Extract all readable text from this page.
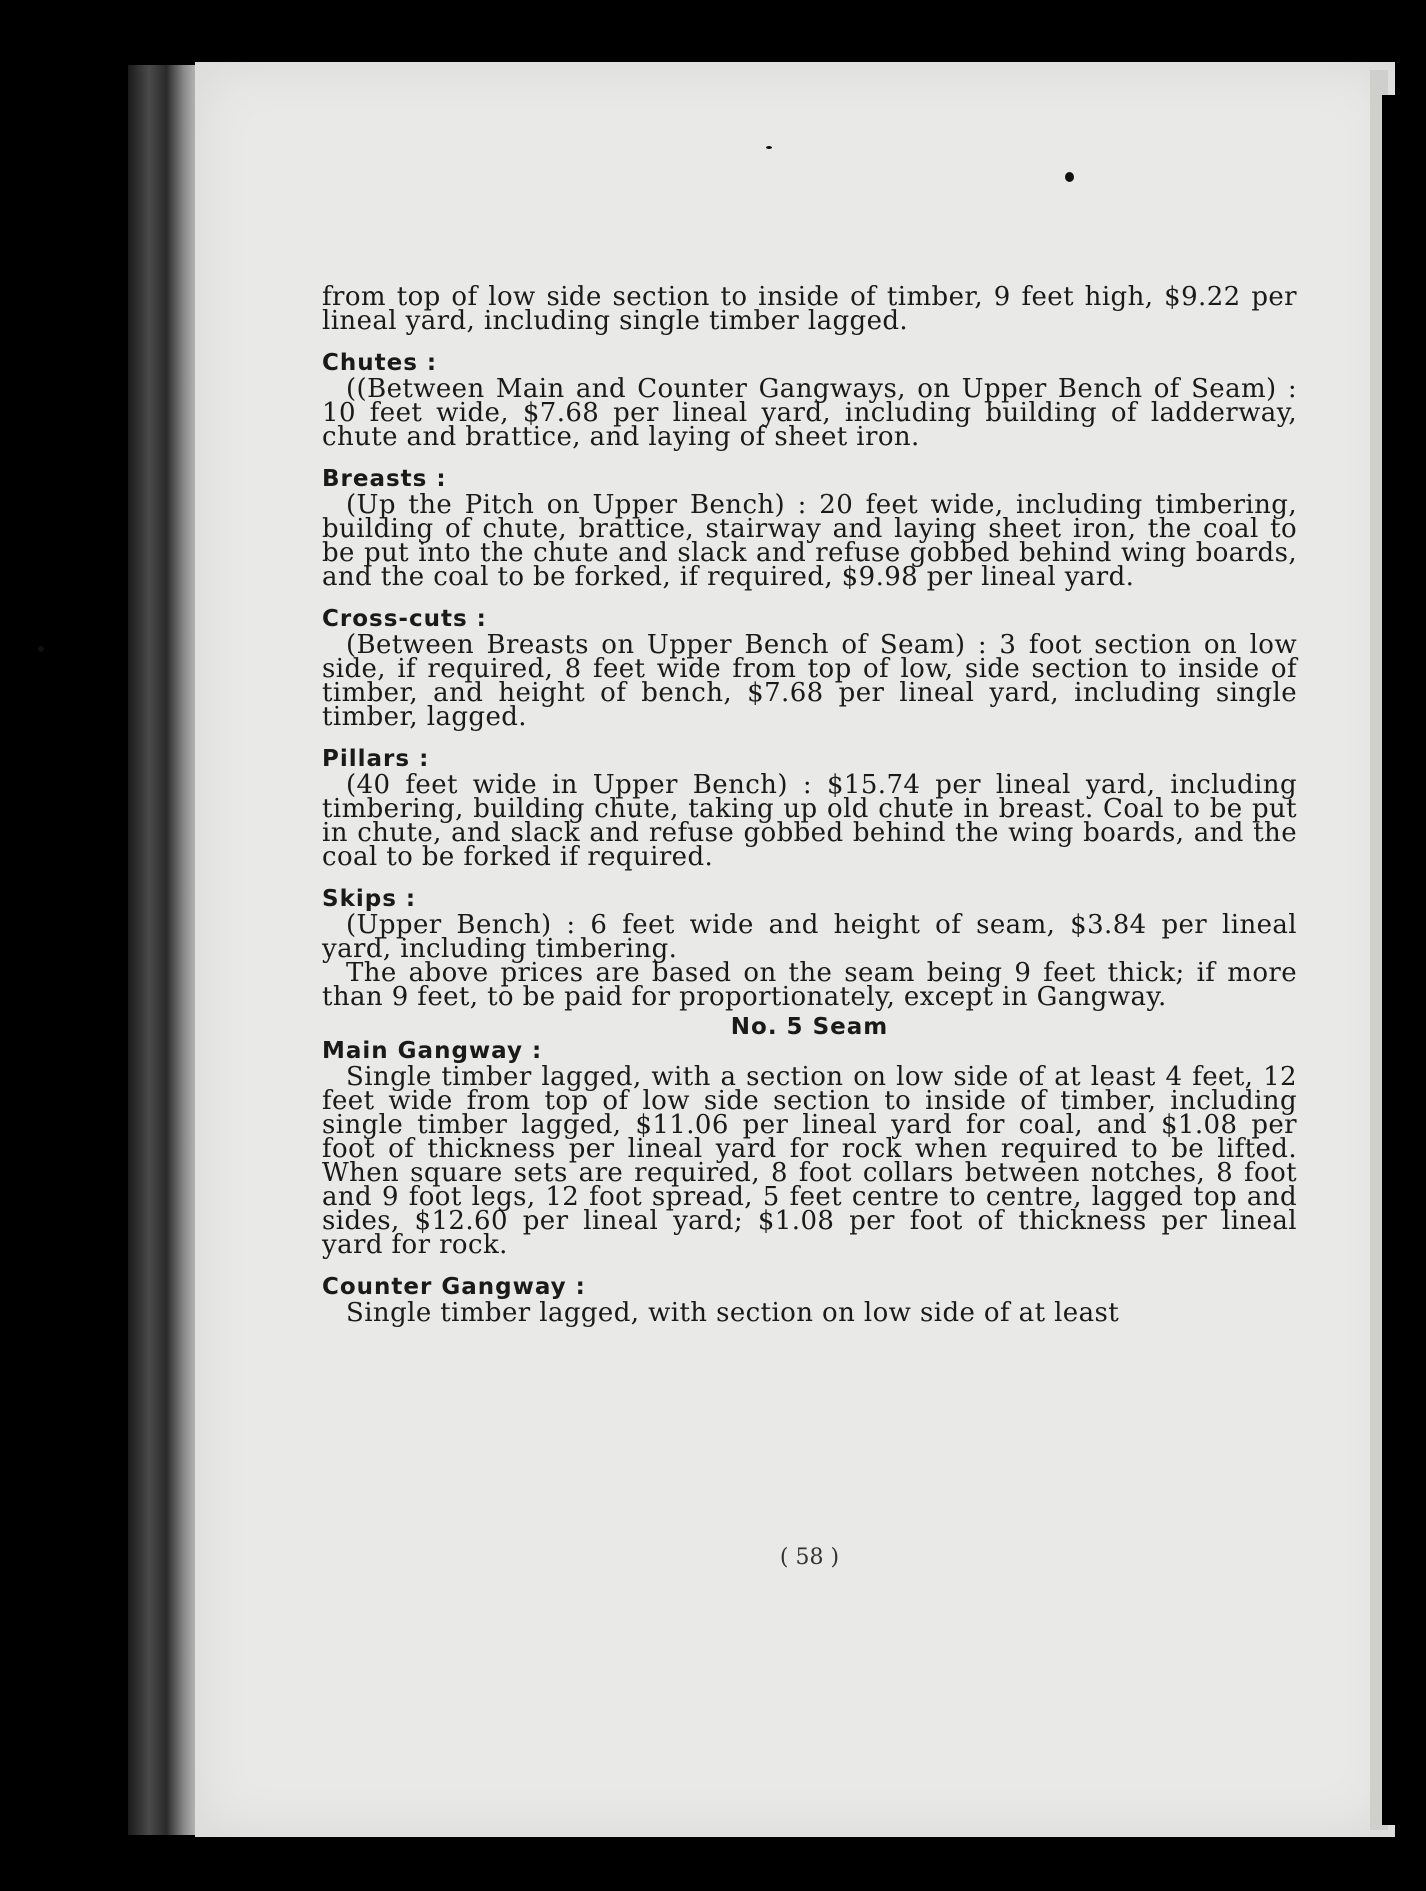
from top of low side section to inside of timber, 9 feet high, $9.22 per lineal yard, including single timber lagged.

Chutes :

((Between Main and Counter Gangways, on Upper Bench of Seam) : 10 feet wide, $7.68 per lineal yard, including building of ladderway, chute and brattice, and laying of sheet iron.

Breasts :

(Up the Pitch on Upper Bench) : 20 feet wide, including timbering, building of chute, brattice, stairway and laying sheet iron, the coal to be put into the chute and slack and refuse gobbed behind wing boards, and the coal to be forked, if required, $9.98 per lineal yard.

Cross-cuts :

(Between Breasts on Upper Bench of Seam) : 3 foot section on low side, if required, 8 feet wide from top of low, side section to inside of timber, and height of bench, $7.68 per lineal yard, including single timber, lagged.

Pillars :

(40 feet wide in Upper Bench) : $15.74 per lineal yard, including timbering, building chute, taking up old chute in breast. Coal to be put in chute, and slack and refuse gobbed behind the wing boards, and the coal to be forked if required.

Skips :

(Upper Bench) : 6 feet wide and height of seam, $3.84 per lineal yard, including timbering.

The above prices are based on the seam being 9 feet thick; if more than 9 feet, to be paid for proportionately, except in Gangway.

No. 5 Seam

Main Gangway :

Single timber lagged, with a section on low side of at least 4 feet, 12 feet wide from top of low side section to inside of timber, including single timber lagged, $11.06 per lineal yard for coal, and $1.08 per foot of thickness per lineal yard for rock when required to be lifted. When square sets are required, 8 foot collars between notches, 8 foot and 9 foot legs, 12 foot spread, 5 feet centre to centre, lagged top and sides, $12.60 per lineal yard; $1.08 per foot of thickness per lineal yard for rock.

Counter Gangway :

Single timber lagged, with section on low side of at least

( 58 )
